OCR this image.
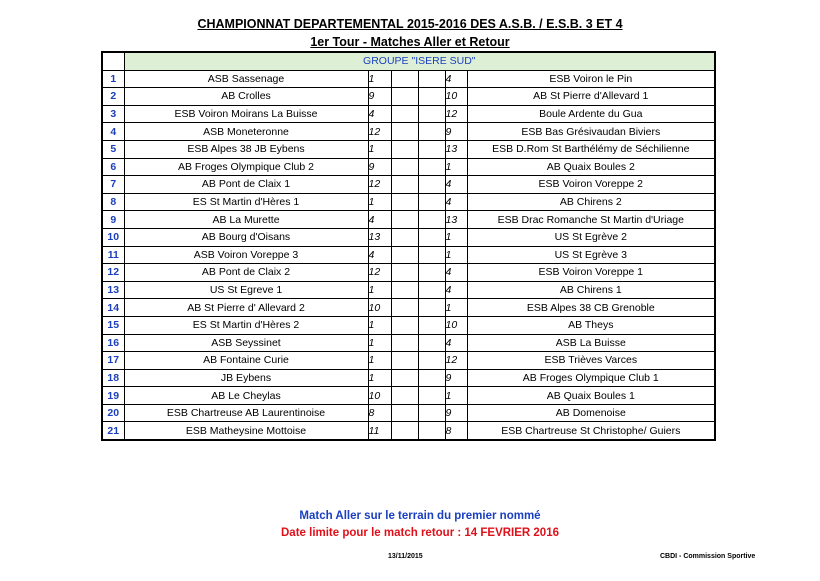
CHAMPIONNAT DEPARTEMENTAL 2015-2016 DES A.S.B. / E.S.B. 3 ET 4
1er Tour - Matches Aller et Retour
	GROUPE "ISERE SUD"					
1	ASB Sassenage	1			4	ESB Voiron le Pin
2	AB Crolles	9			10	AB St Pierre d'Allevard 1
3	ESB Voiron Moirans La Buisse	4			12	Boule Ardente du Gua
4	ASB Moneteronne	12			9	ESB Bas Grésivaudan Biviers
5	ESB Alpes 38 JB Eybens	1			13	ESB D.Rom St Barthélémy de Séchilienne
6	AB Froges Olympique Club 2	9			1	AB Quaix Boules 2
7	AB Pont de Claix 1	12			4	ESB Voiron Voreppe 2
8	ES St Martin d'Hères 1	1			4	AB Chirens 2
9	AB La Murette	4			13	ESB Drac Romanche St Martin d'Uriage
10	AB Bourg d'Oisans	13			1	US St Egrève 2
11	ASB Voiron Voreppe 3	4			1	US St Egrève 3
12	AB Pont de Claix 2	12			4	ESB Voiron Voreppe 1
13	US St Egreve 1	1			4	AB Chirens 1
14	AB St Pierre d' Allevard 2	10			1	ESB Alpes 38 CB Grenoble
15	ES St Martin d'Hères 2	1			10	AB Theys
16	ASB Seyssinet	1			4	ASB La Buisse
17	AB Fontaine Curie	1			12	ESB Trièves Varces
18	JB Eybens	1			9	AB Froges Olympique Club 1
19	AB Le Cheylas	10			1	AB Quaix Boules 1
20	ESB Chartreuse AB Laurentinoise	8			9	AB Domenoise
21	ESB Matheysine Mottoise	11			8	ESB Chartreuse St Christophe/ Guiers
Match Aller sur le terrain du premier nommé
Date limite pour le match retour : 14 FEVRIER 2016
13/11/2015	CBDI - Commission Sportive
